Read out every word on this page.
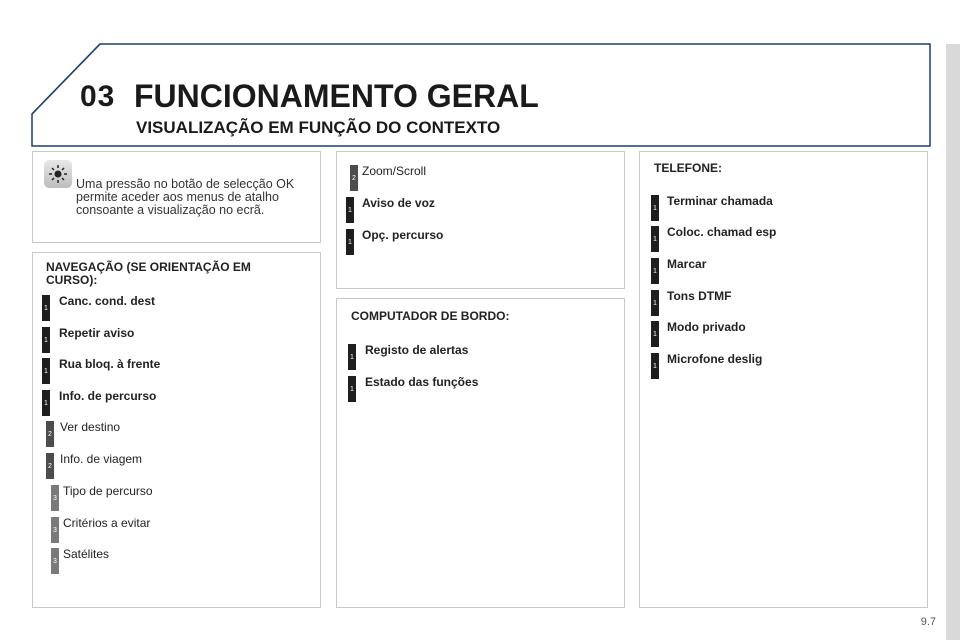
03 FUNCIONAMENTO GERAL
VISUALIZAÇÃO EM FUNÇÃO DO CONTEXTO
Uma pressão no botão de selecção OK permite aceder aos menus de atalho consoante a visualização no ecrã.
NAVEGAÇÃO (SE ORIENTAÇÃO EM CURSO):
1 Canc. cond. dest
1 Repetir aviso
1 Rua bloq. à frente
1 Info. de percurso
2 Ver destino
2 Info. de viagem
3 Tipo de percurso
3 Critérios a evitar
3 Satélites
2 Zoom/Scroll
1 Aviso de voz
1 Opç. percurso
COMPUTADOR DE BORDO:
1 Registo de alertas
1 Estado das funções
TELEFONE:
1 Terminar chamada
1 Coloc. chamad esp
1 Marcar
1 Tons DTMF
1 Modo privado
1 Microfone deslig
9.7
